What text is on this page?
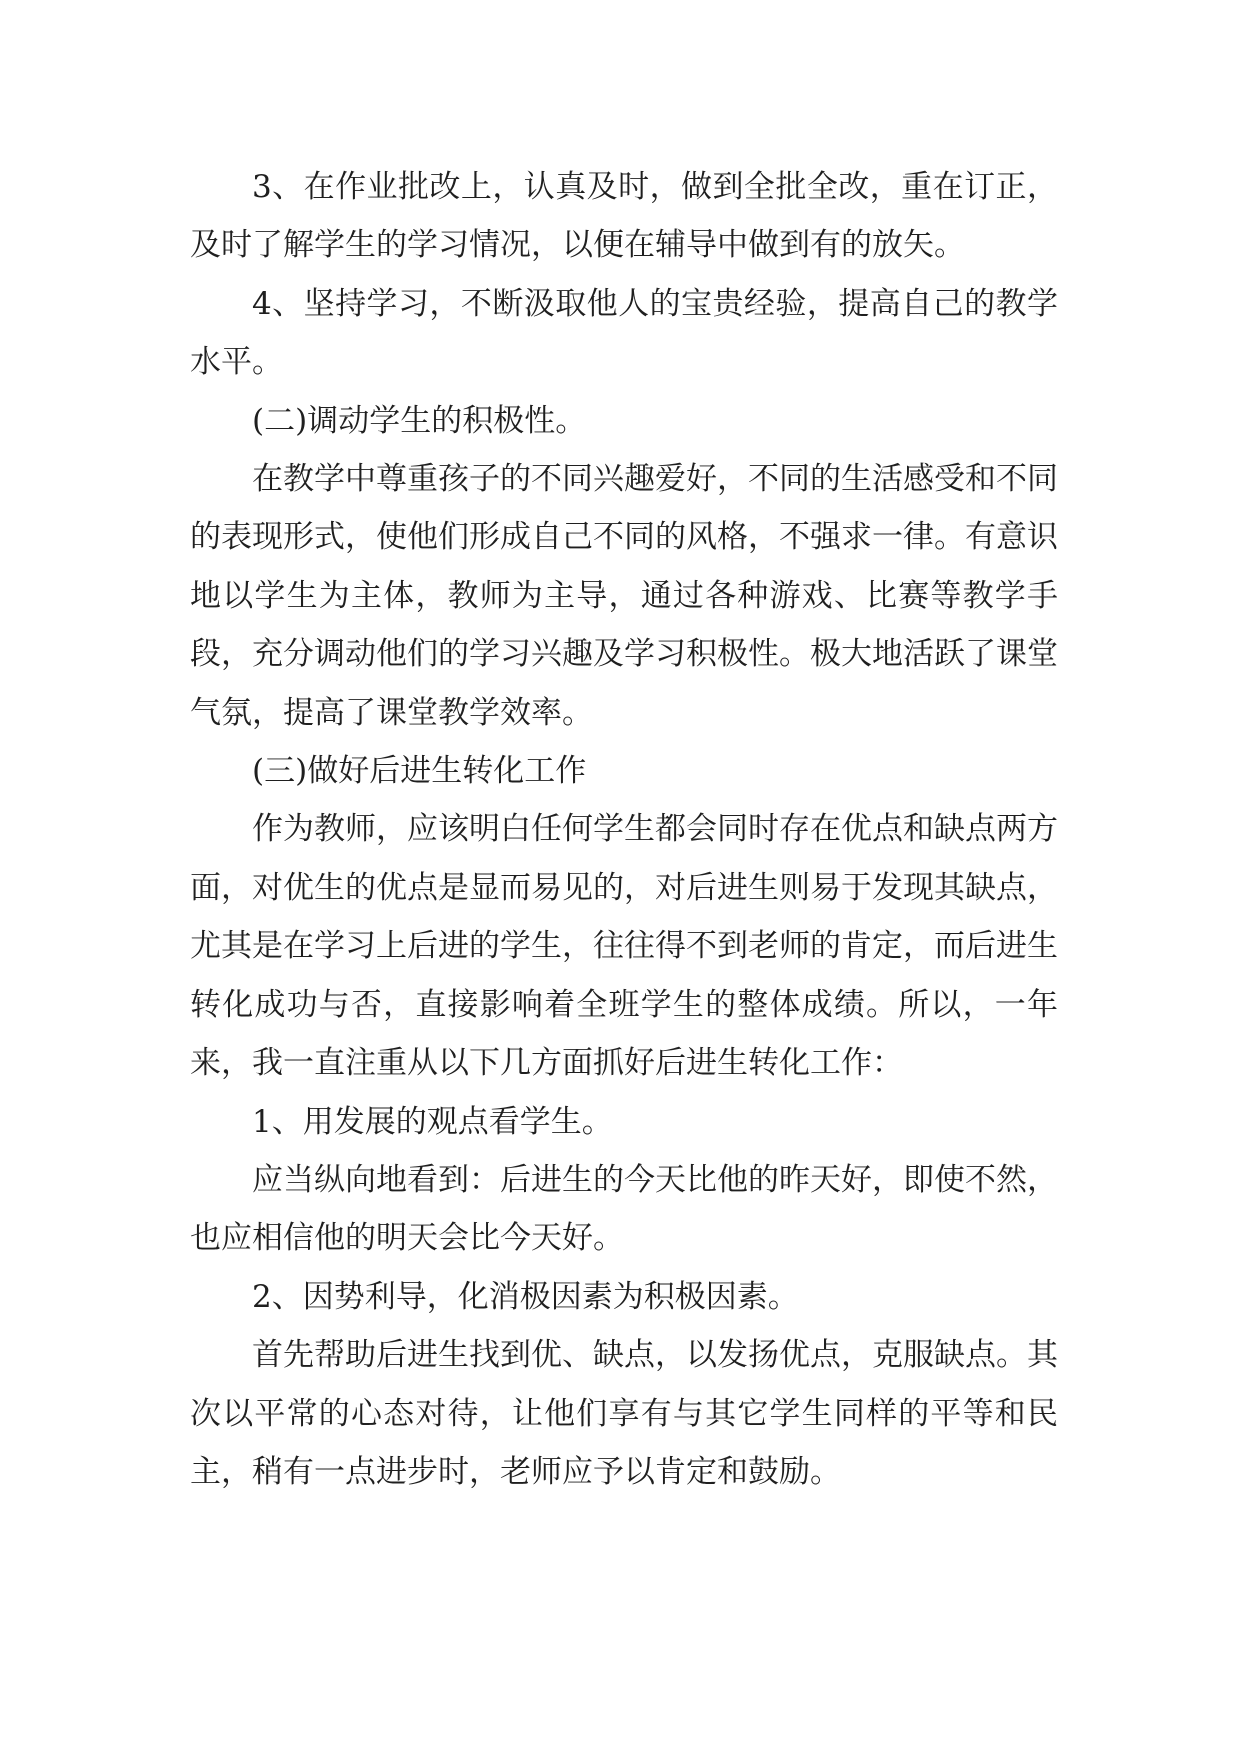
3、在作业批改上，认真及时，做到全批全改，重在订正，及时了解学生的学习情况，以便在辅导中做到有的放矢。

4、坚持学习，不断汲取他人的宝贵经验，提高自己的教学水平。

(二)调动学生的积极性。

在教学中尊重孩子的不同兴趣爱好，不同的生活感受和不同的表现形式，使他们形成自己不同的风格，不强求一律。有意识地以学生为主体，教师为主导，通过各种游戏、比赛等教学手段，充分调动他们的学习兴趣及学习积极性。极大地活跃了课堂气氛，提高了课堂教学效率。

(三)做好后进生转化工作

作为教师，应该明白任何学生都会同时存在优点和缺点两方面，对优生的优点是显而易见的，对后进生则易于发现其缺点，尤其是在学习上后进的学生，往往得不到老师的肯定，而后进生转化成功与否，直接影响着全班学生的整体成绩。所以，一年来，我一直注重从以下几方面抓好后进生转化工作：

1、用发展的观点看学生。

应当纵向地看到：后进生的今天比他的昨天好，即使不然，也应相信他的明天会比今天好。

2、因势利导，化消极因素为积极因素。

首先帮助后进生找到优、缺点，以发扬优点，克服缺点。其次以平常的心态对待，让他们享有与其它学生同样的平等和民主，稍有一点进步时，老师应予以肯定和鼓励。
